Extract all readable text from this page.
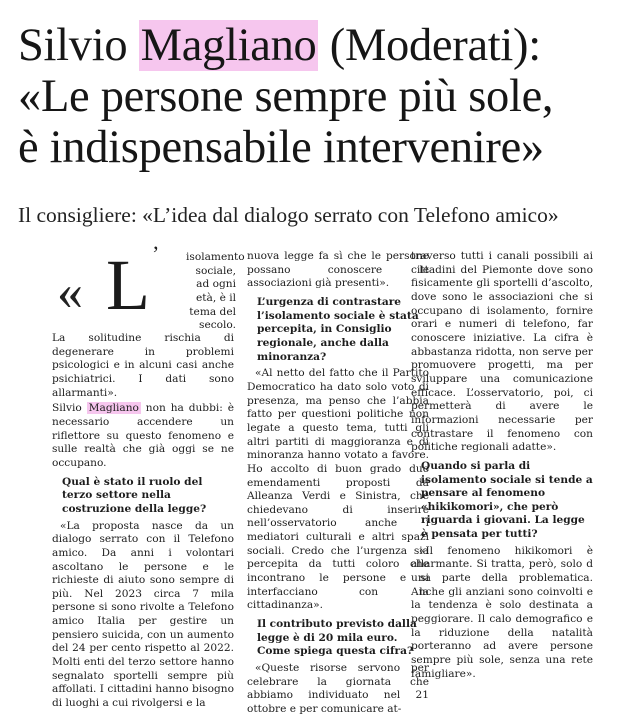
Silvio Magliano (Moderati):
«Le persone sempre più sole,
è indispensabile intervenire»
Il consigliere: «L’idea dal dialogo serrato con Telefono amico»
« L ’	isolamento sociale, ad ogni età, è il tema del secolo.

La solitudine rischia di degenerare in problemi psicologici e in alcuni casi anche psichiatrici. I dati sono allarmanti».

Silvio Magliano non ha dubbi: è necessario accendere un riflettore su questo fenomeno e sulle realtà che già oggi se ne occupano.

Qual è stato il ruolo del terzo settore nella costruzione della legge?

«La proposta nasce da un dialogo serrato con il Telefono amico. Da anni i volontari ascoltano le persone e le richieste di aiuto sono sempre di più. Nel 2023 circa 7 mila persone si sono rivolte a Telefono amico Italia per gestire un pensiero suicida, con un aumento del 24 per cento rispetto al 2022. Molti enti del terzo settore hanno segnalato sportelli sempre più affollati. I cittadini hanno bisogno di luoghi a cui rivolgersi e la

nuova legge fa sì che le persone possano conoscere le associazioni già presenti».

L’urgenza di contrastare l’isolamento sociale è stata percepita, in Consiglio regionale, anche dalla minoranza?

«Al netto del fatto che il Partito Democratico ha dato solo voto di presenza, ma penso che l’abbia fatto per questioni politiche non legate a questo tema, tutti gli altri partiti di maggioranza e di minoranza hanno votato a favore. Ho accolto di buon grado due emendamenti proposti da Alleanza Verdi e Sinistra, che chiedevano di inserire nell’osservatorio anche i mediatori culturali e altri spazi sociali. Credo che l’urgenza sia percepita da tutti coloro che incontrano le persone e si interfacciano con la cittadinanza».

Il contributo previsto dalla legge è di 20 mila euro. Come spiega questa cifra?

«Queste risorse servono per celebrare la giornata che abbiamo individuato nel 21 ottobre e per comunicare at-

traverso tutti i canali possibili ai cittadini del Piemonte dove sono fisicamente gli sportelli d’ascolto, dove sono le associazioni che si occupano di isolamento, fornire orari e numeri di telefono, far conoscere iniziative. La cifra è abbastanza ridotta, non serve per promuovere progetti, ma per sviluppare una comunicazione efficace. L’osservatorio, poi, ci permetterà di avere le informazioni necessarie per contrastare il fenomeno con politiche regionali adatte».

Quando si parla di isolamento sociale si tende a pensare al fenomeno «hikikomori», che però riguarda i giovani. La legge è pensata per tutti?

«Il fenomeno hikikomori è allarmante. Si tratta, però, solo d una parte della problematica. Anche gli anziani sono coinvolti e la tendenza è solo destinata a peggiorare. Il calo demografico e la riduzione della natalità porteranno ad avere persone sempre più sole, senza una rete famigliare».
